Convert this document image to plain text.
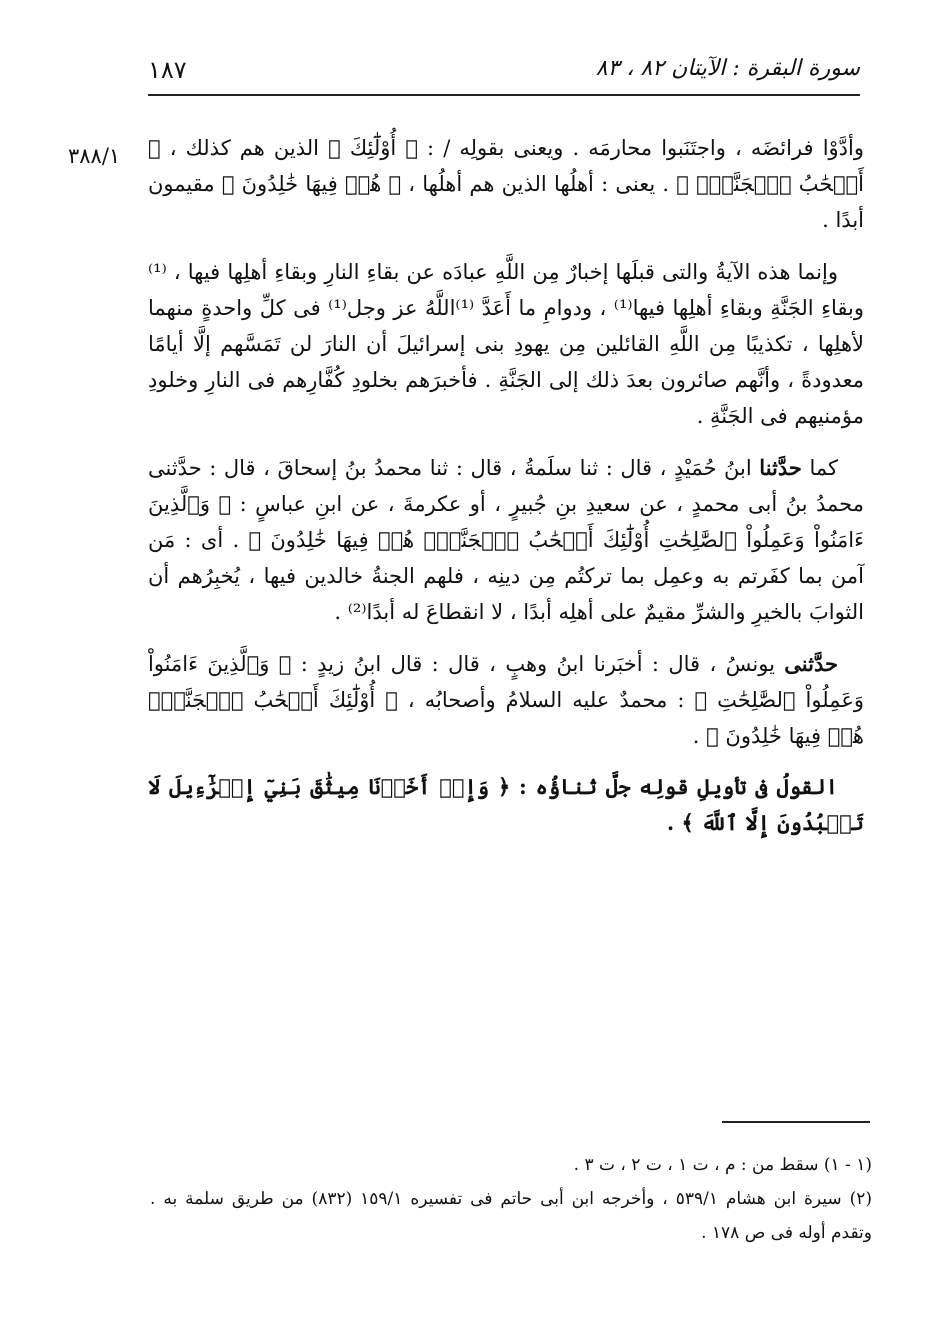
١٨٧	سورة البقرة : الآيتان ٨٢ ، ٨٣
٣٨٨/١ وأدَّوْا فرائضَه ، واجتَنَبوا محارمَه . ويعنى بقولِه / : ﴿ أُوْلَٰٓئِكَ ﴾ الذين هم كذلك ، ﴿ أَصۡحَٰبُ ٱلۡجَنَّةِۖ ﴾ . يعنى : أهلُها الذين هم أهلُها ، ﴿ هُمۡ فِيهَا خَٰلِدُونَ ﴾ مقيمون أبدًا .

وإنما هذه الآيةُ والتى قبلَها إخبارٌ مِن اللَّهِ عبادَه عن بقاءِ النارِ وبقاءِ أهلِها فيها ، ⁽¹⁾وبقاءِ الجَنَّةِ وبقاءِ أهلِها فيها⁽¹⁾ ، ودوامِ ما أَعَدَّ ⁽¹⁾اللَّهُ عز وجل⁽¹⁾ فى كلِّ واحدةٍ منهما لأهلِها ، تكذيبًا مِن اللَّهِ القائلين مِن يهودِ بنى إسرائيلَ أن النارَ لن تَمَسَّهم إلَّا أيامًا معدودةً ، وأنَّهم صائرون بعدَ ذلك إلى الجَنَّةِ . فأخبرَهم بخلودِ كُفَّارِهم فى النارِ وخلودِ مؤمنيهم فى الجَنَّةِ .

كما حدَّثنا ابنُ حُمَيْدٍ ، قال : ثنا سلَمةُ ، قال : ثنا محمدُ بنُ إسحاقَ ، قال : حدَّثنى محمدُ بنُ أبى محمدٍ ، عن سعيدِ بنِ جُبيرٍ ، أو عكرمةَ ، عن ابنِ عباسٍ : ﴿ وَٱلَّذِينَ ءَامَنُواْ وَعَمِلُواْ ٱلصَّٰلِحَٰتِ أُوْلَٰٓئِكَ أَصۡحَٰبُ ٱلۡجَنَّةِۖ هُمۡ فِيهَا خَٰلِدُونَ ﴾ . أى : مَن آمن بما كفَرتم به وعمِل بما تركتُم مِن دينِه ، فلهم الجنةُ خالدين فيها ، يُخبِرُهم أن الثوابَ بالخيرِ والشرِّ مقيمٌ على أهلِه أبدًا ، لا انقطاعَ له أبدًا⁽²⁾ .

حدَّثنى يونسُ ، قال : أخبَرنا ابنُ وهبٍ ، قال : قال ابنُ زيدٍ : ﴿ وَٱلَّذِينَ ءَامَنُواْ وَعَمِلُواْ ٱلصَّٰلِحَٰتِ ﴾ : محمدٌ عليه السلامُ وأصحابُه ، ﴿ أُوْلَٰٓئِكَ أَصۡحَٰبُ ٱلۡجَنَّةِۖ هُمۡ فِيهَا خَٰلِدُونَ ﴾ .

القولُ فى تأويلِ قولِه جلَّ ثناؤُه : ﴿ وَإِذۡ أَخَذۡنَا مِيثَٰقَ بَنِيٓ إِسۡرَٰٓءِيلَ لَا تَعۡبُدُونَ إِلَّا ٱللَّهَ ﴾ .

(١ - ١) سقط من : م ، ت ١ ، ت ٢ ، ت ٣ .

(٢) سيرة ابن هشام ٥٣٩/١ ، وأخرجه ابن أبى حاتم فى تفسيره ١٥٩/١ (٨٣٢) من طريق سلمة به . وتقدم أوله فى ص ١٧٨ .
